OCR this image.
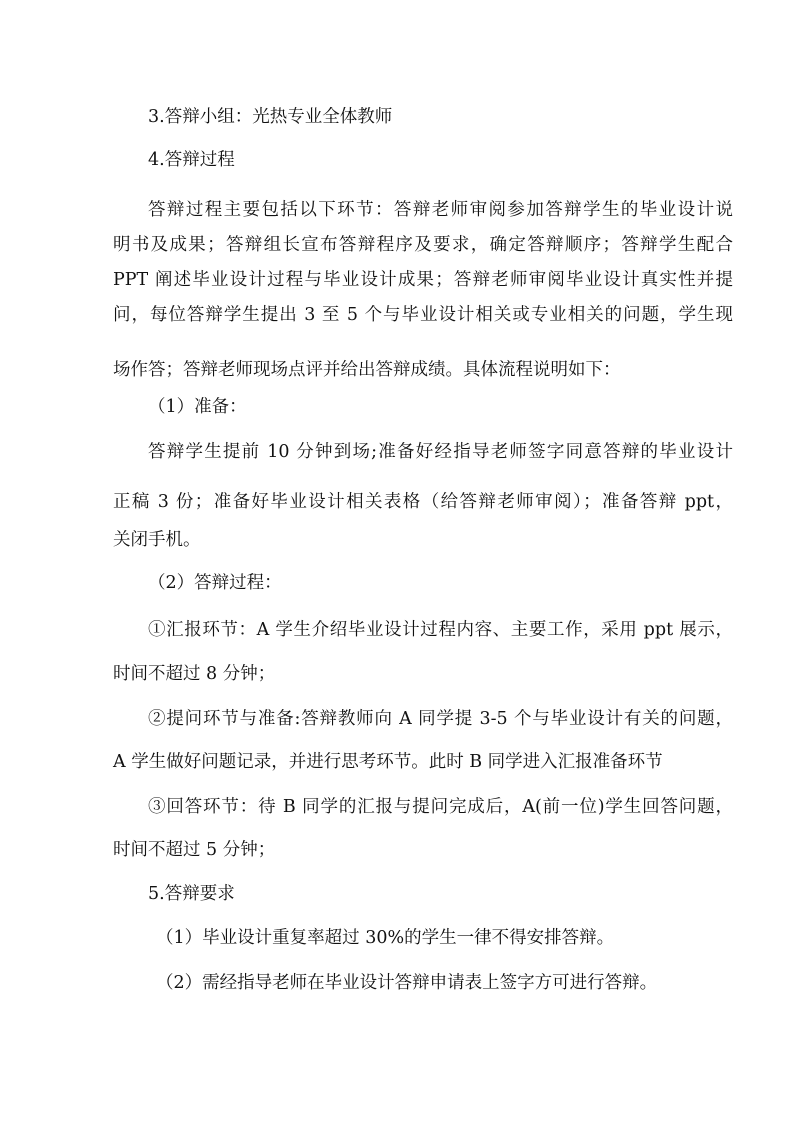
3.答辩小组：光热专业全体教师
4.答辩过程
答辩过程主要包括以下环节：答辩老师审阅参加答辩学生的毕业设计说
明书及成果；答辩组长宣布答辩程序及要求，确定答辩顺序；答辩学生配合
PPT 阐述毕业设计过程与毕业设计成果；答辩老师审阅毕业设计真实性并提
问，每位答辩学生提出 3 至 5 个与毕业设计相关或专业相关的问题，学生现
场作答；答辩老师现场点评并给出答辩成绩。具体流程说明如下：
（1）准备：
答辩学生提前 10 分钟到场;准备好经指导老师签字同意答辩的毕业设计
正稿 3 份；准备好毕业设计相关表格（给答辩老师审阅）；准备答辩 ppt，
关闭手机。
（2）答辩过程：
①汇报环节：A 学生介绍毕业设计过程内容、主要工作，采用 ppt 展示，
时间不超过 8 分钟；
②提问环节与准备:答辩教师向 A 同学提 3-5 个与毕业设计有关的问题，
A 学生做好问题记录，并进行思考环节。此时 B 同学进入汇报准备环节
③回答环节：待 B 同学的汇报与提问完成后，A(前一位)学生回答问题，
时间不超过 5 分钟；
5.答辩要求
（1）毕业设计重复率超过 30%的学生一律不得安排答辩。
（2）需经指导老师在毕业设计答辩申请表上签字方可进行答辩。
